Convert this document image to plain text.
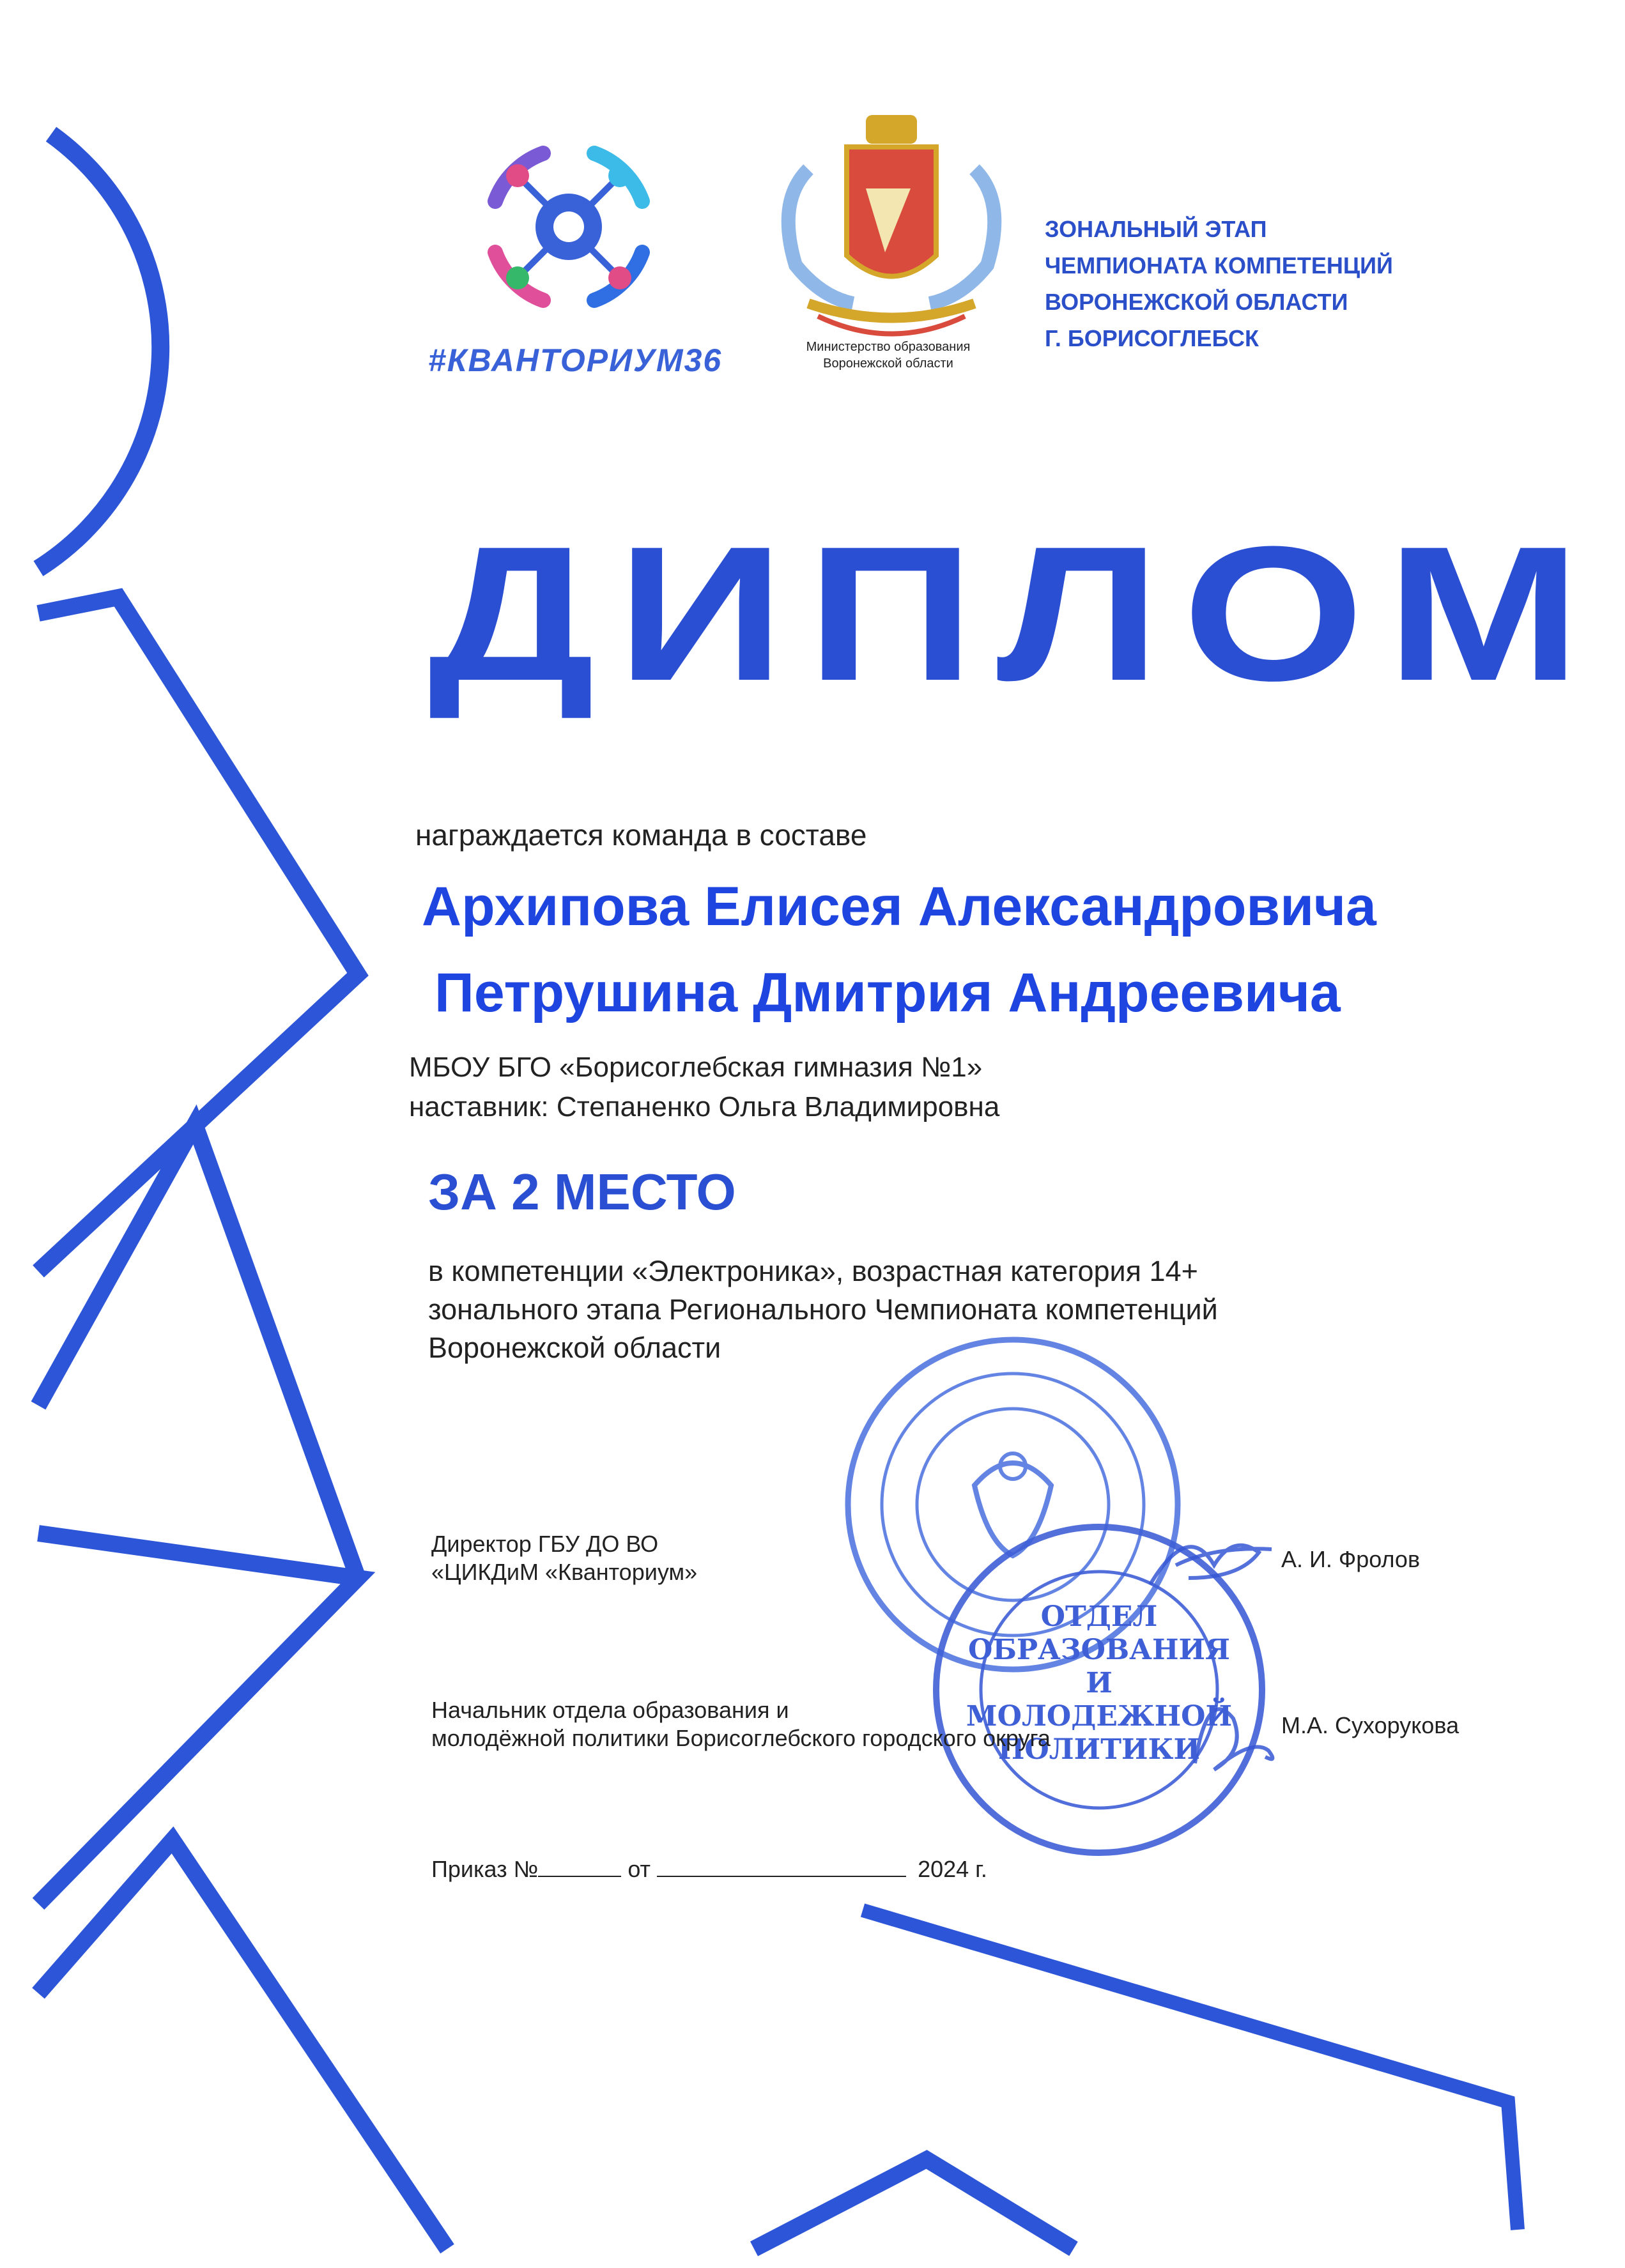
ОТДЕЛ
ОБРАЗОВАНИЯ
И
МОЛОДЕЖНОЙ
ПОЛИТИКИ
#КВАНТОРИУМ36	Министерство образования
Воронежской области
ЗОНАЛЬНЫЙ ЭТАП
ЧЕМПИОНАТА КОМПЕТЕНЦИЙ
ВОРОНЕЖСКОЙ ОБЛАСТИ
Г. БОРИСОГЛЕБСК
ДИПЛОМ
награждается команда в составе
Архипова Елисея Александровича
Петрушина Дмитрия Андреевича
МБОУ БГО «Борисоглебская гимназия №1»
наставник: Степаненко Ольга Владимировна
ЗА 2 МЕСТО
в компетенции «Электроника», возрастная категория 14+
зонального этапа Регионального Чемпионата компетенций
Воронежской области
Директор ГБУ ДО ВО
«ЦИКДиМ «Кванториум»	А. И. Фролов
Начальник отдела образования и
молодёжной политики Борисоглебского городского округа	М.А. Сухорукова
Приказ №	от	2024 г.
